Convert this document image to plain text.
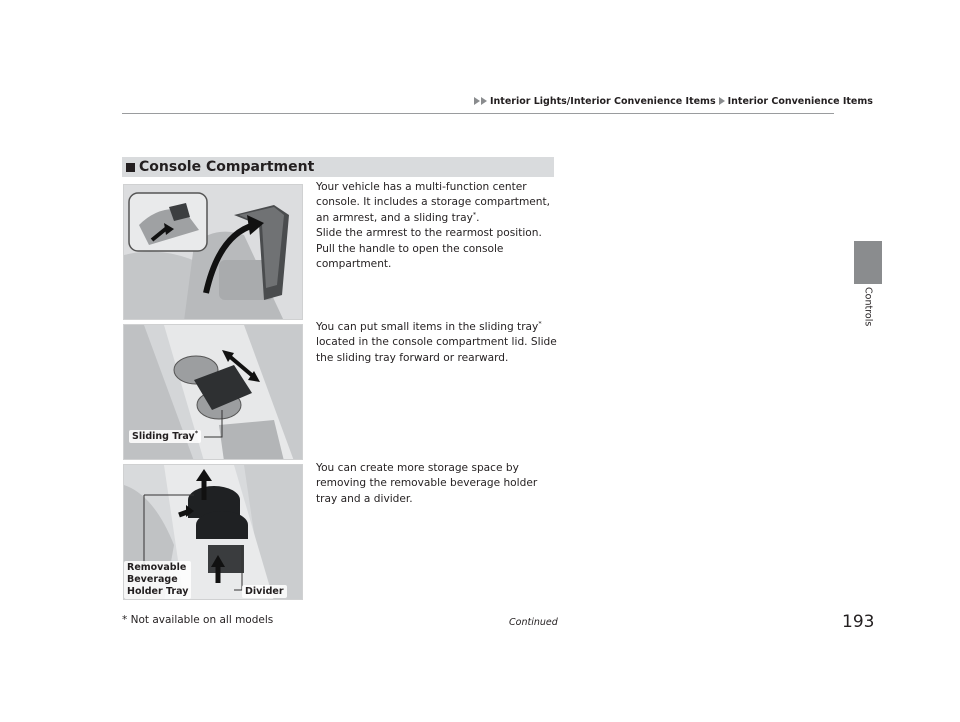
Interior Lights/Interior Convenience Items Interior Convenience Items
Controls
Console Compartment

Your vehicle has a multi-function center console. It includes a storage compartment, an armrest, and a sliding tray*.
Slide the armrest to the rearmost position. Pull the handle to open the console compartment.

Sliding Tray*

You can put small items in the sliding tray* located in the console compartment lid. Slide the sliding tray forward or rearward.

Removable
Beverage
Holder Tray	Divider

You can create more storage space by removing the removable beverage holder tray and a divider.

* Not available on all models	Continued	193
